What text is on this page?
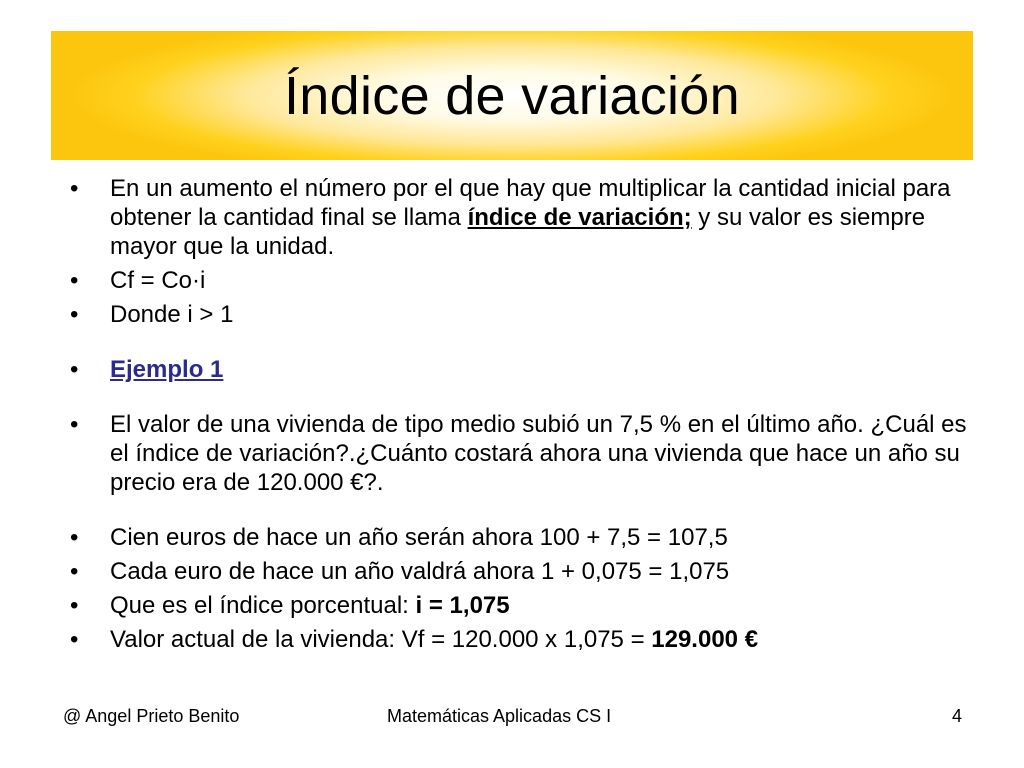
Índice de variación
• En un aumento el número por el que hay que multiplicar la cantidad inicial para obtener la cantidad final se llama índice de variación; y su valor es siempre mayor que la unidad.
• Cf = Co·i
• Donde i > 1
• Ejemplo 1
• El valor de una vivienda de tipo medio subió un 7,5 % en el último año. ¿Cuál es el índice de variación?.¿Cuánto costará ahora una vivienda que hace un año su precio era de 120.000 €?.
• Cien euros de hace un año serán ahora 100 + 7,5 = 107,5
• Cada euro de hace un año valdrá ahora 1 + 0,075 = 1,075
• Que es el índice porcentual: i = 1,075
• Valor actual de la vivienda: Vf = 120.000 x 1,075 = 129.000 €
@ Angel Prieto Benito	Matemáticas Aplicadas CS I	4
